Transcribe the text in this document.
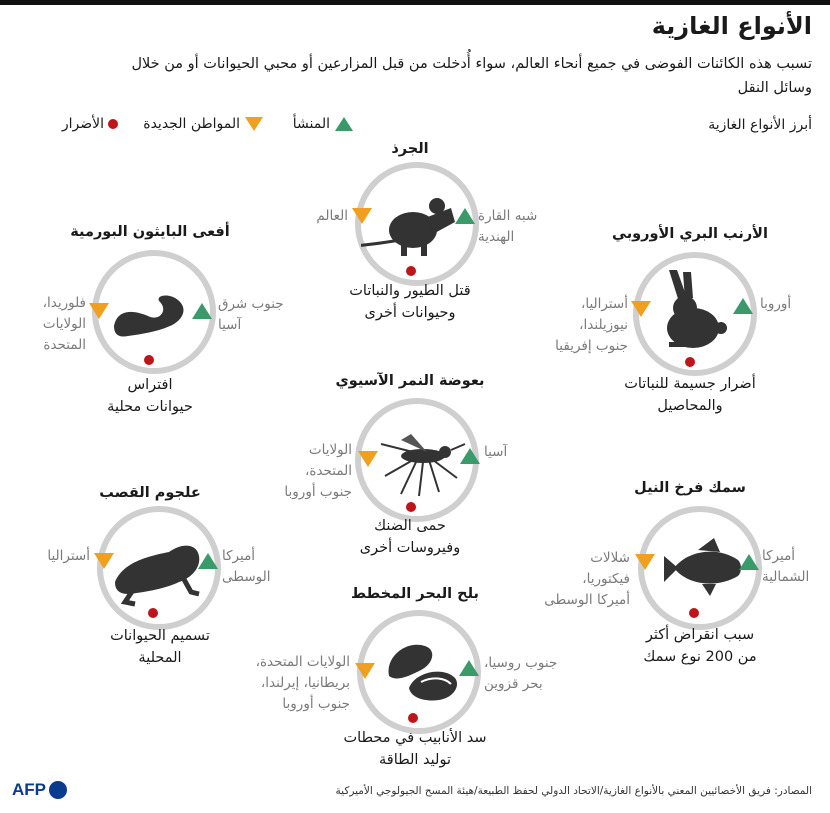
الأنواع الغازية
تسبب هذه الكائنات الفوضى في جميع أنحاء العالم، سواء أُدخلت من قبل المزارعين أو محبي الحيوانات أو من خلال وسائل النقل
أبرز الأنواع الغازية
المنشأ
المواطن الجديدة
الأضرار
الجرذ
شبه القارة
الهندية
العالم
قتل الطيور والنباتات
وحيوانات أخرى
أفعى البايثون البورمية
جنوب شرق
آسيا
فلوريدا،
الولايات
المتحدة
افتراس
حيوانات محلية
الأرنب البري الأوروبي
أوروبا
أستراليا،
نيوزيلندا،
جنوب إفريقيا
أضرار جسيمة للنباتات
والمحاصيل
بعوضة النمر الآسيوي
آسيا
الولايات
المتحدة،
جنوب أوروبا
حمى الضنك
وفيروسات أخرى
علجوم القصب
أميركا
الوسطى
أستراليا
تسميم الحيوانات
المحلية
سمك فرخ النيل
أميركا
الشمالية
شلالات
فيكتوريا،
أميركا الوسطى
سبب انقراض أكثر
من 200 نوع سمك
بلح البحر المخطط
جنوب روسيا،
بحر قزوين
الولايات المتحدة،
بريطانيا، إيرلندا،
جنوب أوروبا
سد الأنابيب في محطات
توليد الطاقة
المصادر: فريق الأخصائيين المعني بالأنواع الغازية/الاتحاد الدولي لحفظ الطبيعة/هيئة المسح الجيولوجي الأميركية
AFP
